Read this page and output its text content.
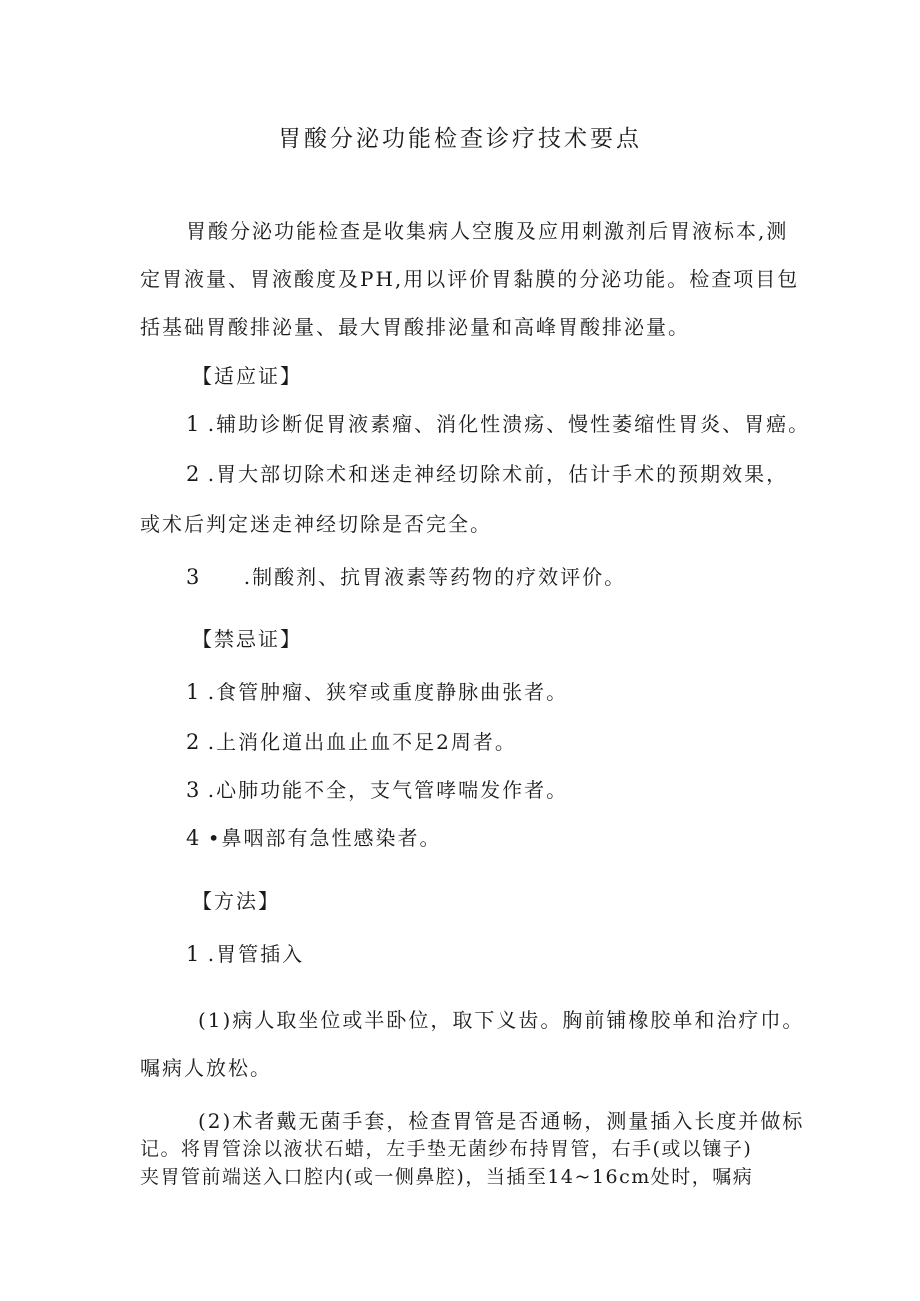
胃酸分泌功能检查诊疗技术要点
胃酸分泌功能检查是收集病人空腹及应用刺激剂后胃液标本,测
定胃液量、胃液酸度及PH,用以评价胃黏膜的分泌功能。检查项目包
括基础胃酸排泌量、最大胃酸排泌量和高峰胃酸排泌量。
【适应证】
1 .辅助诊断促胃液素瘤、消化性溃疡、慢性萎缩性胃炎、胃癌。
2 .胃大部切除术和迷走神经切除术前，估计手术的预期效果，
或术后判定迷走神经切除是否完全。
3 .制酸剂、抗胃液素等药物的疗效评价。
【禁忌证】
1 .食管肿瘤、狭窄或重度静脉曲张者。
2 .上消化道出血止血不足2周者。
3 .心肺功能不全，支气管哮喘发作者。
4 •鼻咽部有急性感染者。
【方法】
1 .胃管插入
(1)病人取坐位或半卧位，取下义齿。胸前铺橡胶单和治疗巾。
嘱病人放松。
(2)术者戴无菌手套，检查胃管是否通畅，测量插入长度并做标
记。将胃管涂以液状石蜡，左手垫无菌纱布持胃管，右手(或以镶子)
夹胃管前端送入口腔内(或一侧鼻腔)，当插至14~16cm处时，嘱病
